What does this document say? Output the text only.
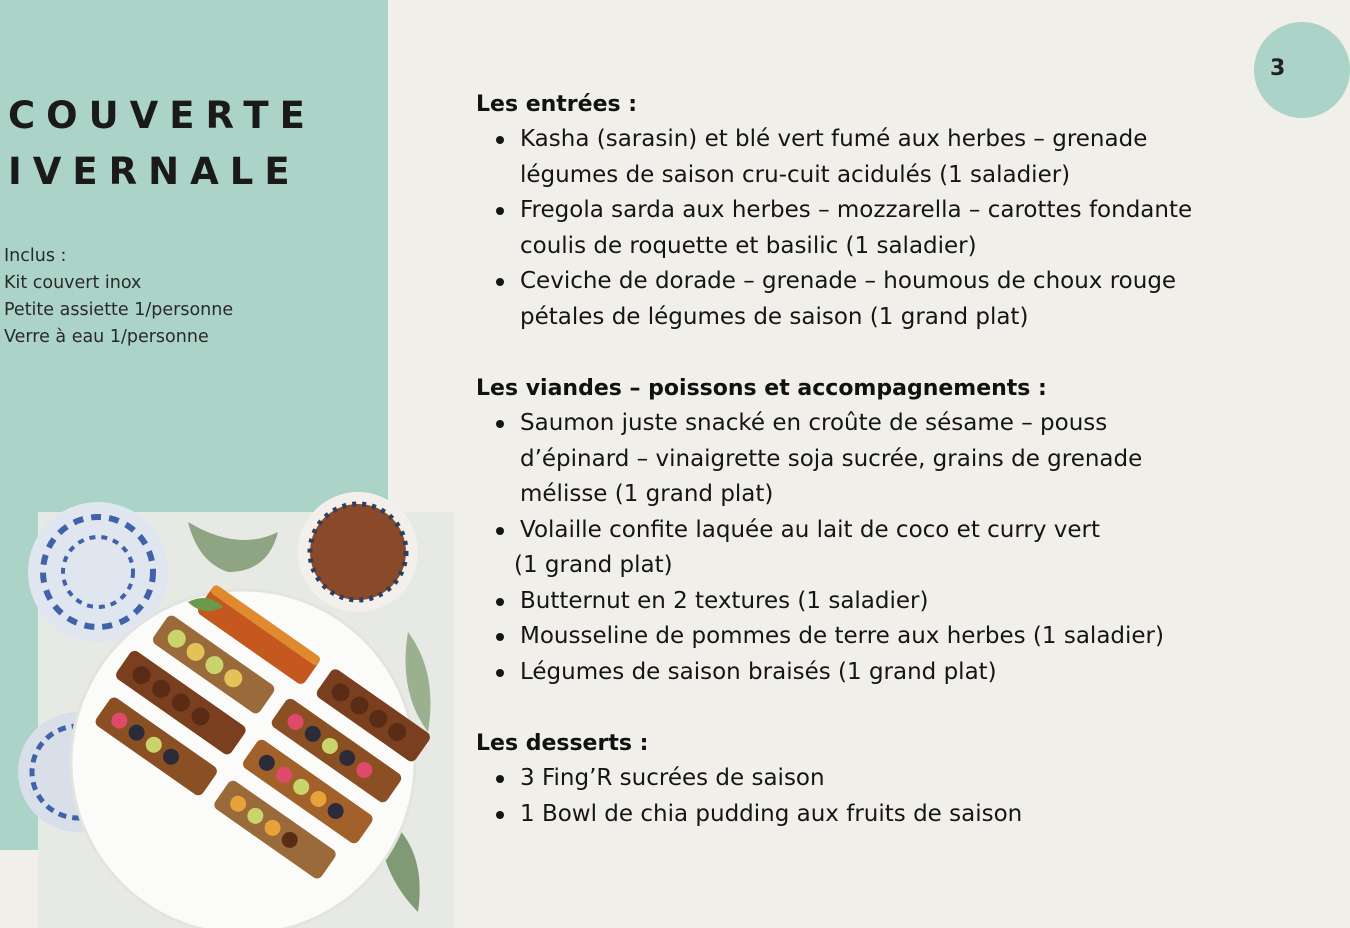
COUVERTE
IVERNALE
Inclus :
Kit couvert inox
Petite assiette 1/personne
Verre à eau 1/personne
3
Les entrées :
Kasha (sarasin) et blé vert fumé aux herbes – grenade
légumes de saison cru-cuit acidulés (1 saladier)
Fregola sarda aux herbes – mozzarella – carottes fondante
coulis de roquette et basilic (1 saladier)
Ceviche de dorade – grenade – houmous de choux rouge
pétales de légumes de saison (1 grand plat)
Les viandes – poissons et accompagnements :
Saumon juste snacké en croûte de sésame – pouss
d’épinard – vinaigrette soja sucrée, grains de grenade
mélisse (1 grand plat)
Volaille confite laquée au lait de coco et curry vert
(1 grand plat)
Butternut en 2 textures (1 saladier)
Mousseline de pommes de terre aux herbes (1 saladier)
Légumes de saison braisés (1 grand plat)
Les desserts :
3 Fing’R sucrées de saison
1 Bowl de chia pudding aux fruits de saison
